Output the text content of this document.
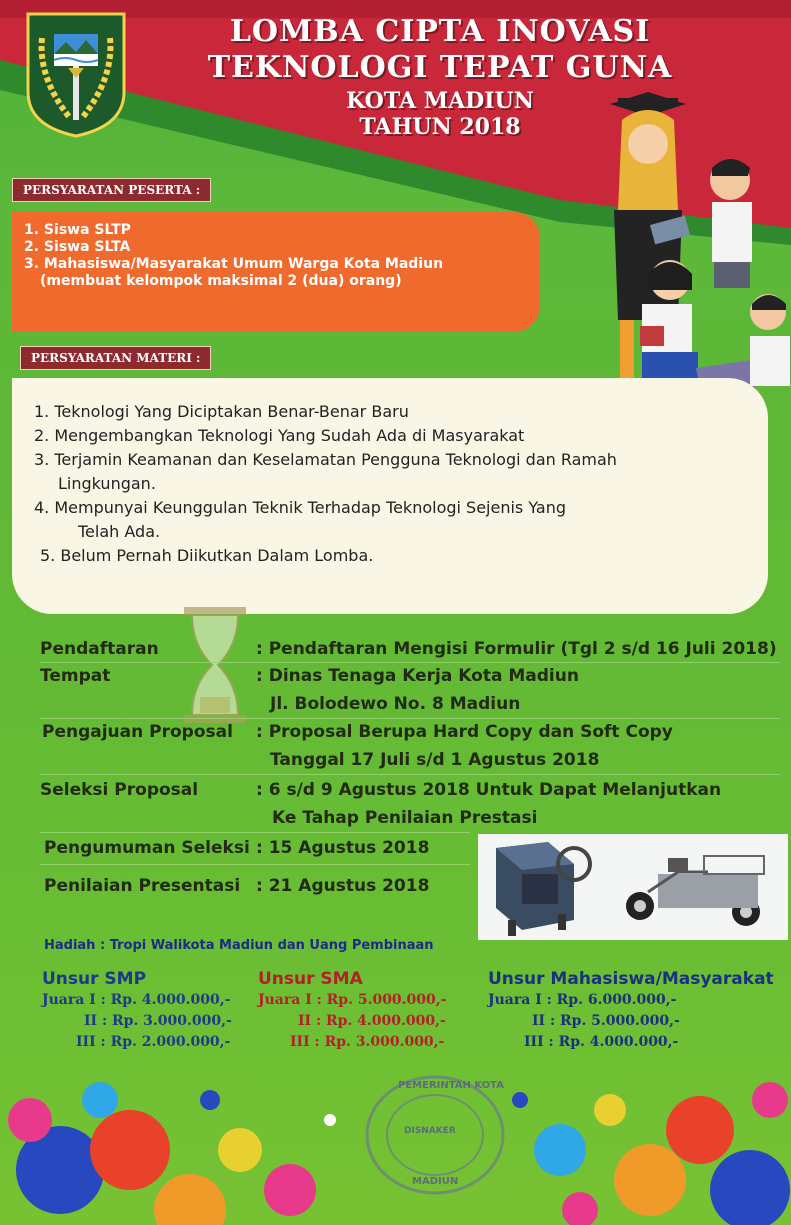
LOMBA CIPTA INOVASI
TEKNOLOGI TEPAT GUNA
KOTA MADIUN
TAHUN 2018
PERSYARATAN PESERTA :
1. Siswa SLTP
2. Siswa SLTA
3. Mahasiswa/Masyarakat Umum Warga Kota Madiun
(membuat kelompok maksimal 2 (dua) orang)
PERSYARATAN MATERI :
1. Teknologi Yang Diciptakan Benar-Benar Baru
2. Mengembangkan Teknologi Yang Sudah Ada di Masyarakat
3. Terjamin Keamanan dan Keselamatan Pengguna Teknologi dan Ramah
Lingkungan.
4. Mempunyai Keunggulan Teknik Terhadap Teknologi Sejenis Yang
Telah Ada.
5. Belum Pernah Diikutkan Dalam Lomba.
Pendaftaran	: Pendaftaran Mengisi Formulir (Tgl 2 s/d 16 Juli 2018)
Tempat	: Dinas Tenaga Kerja Kota Madiun
Jl. Bolodewo No. 8 Madiun
Pengajuan Proposal : Proposal Berupa Hard Copy dan Soft Copy
Tanggal 17 Juli s/d 1 Agustus 2018
Seleksi Proposal	: 6 s/d 9 Agustus 2018 Untuk Dapat Melanjutkan
Ke Tahap Penilaian Prestasi
Pengumuman Seleksi : 15 Agustus 2018
Penilaian Presentasi : 21 Agustus 2018
Hadiah : Tropi Walikota Madiun dan Uang Pembinaan
Unsur SMP
Juara I : Rp. 4.000.000,-
II : Rp. 3.000.000,-
III : Rp. 2.000.000,-
Unsur SMA
Juara I : Rp. 5.000.000,-
II : Rp. 4.000.000,-
III : Rp. 3.000.000,-
Unsur Mahasiswa/Masyarakat
Juara I : Rp. 6.000.000,-
II : Rp. 5.000.000,-
III : Rp. 4.000.000,-
PEMERINTAH KOTA
DISNAKER
MADIUN
